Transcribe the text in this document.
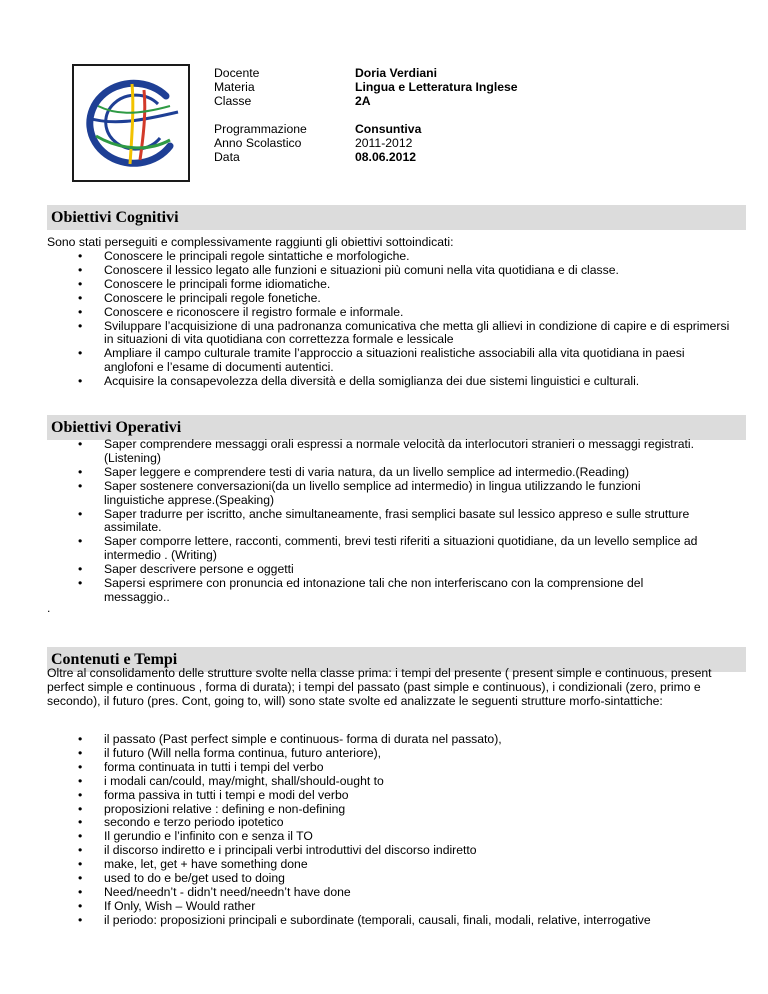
Docente	Doria Verdiani
Materia	Lingua e Letteratura Inglese
Classe	2A
Programmazione	Consuntiva
Anno Scolastico	2011-2012
Data	08.06.2012
Obiettivi Cognitivi
Sono stati perseguiti e complessivamente raggiunti gli obiettivi sottoindicati:
• Conoscere le principali regole sintattiche e morfologiche.
• Conoscere il lessico legato alle funzioni e situazioni più comuni nella vita quotidiana e di classe.
• Conoscere le principali forme idiomatiche.
• Conoscere le principali regole fonetiche.
• Conoscere e riconoscere il registro formale e informale.
• Sviluppare l’acquisizione di una padronanza comunicativa che metta gli allievi in condizione di capire e di esprimersi in situazioni di vita quotidiana con correttezza formale e lessicale
• Ampliare il campo culturale tramite l’approccio a situazioni realistiche associabili alla vita quotidiana in paesi anglofoni e l’esame di documenti autentici.
• Acquisire la consapevolezza della diversità e della somiglianza dei due sistemi linguistici e culturali.
Obiettivi Operativi
• Saper comprendere messaggi orali espressi a normale velocità da interlocutori stranieri o messaggi registrati.(Listening)
• Saper leggere e comprendere testi di varia natura, da un livello semplice ad intermedio.(Reading)
• Saper sostenere conversazioni(da un livello semplice ad intermedio) in lingua utilizzando le funzioni linguistiche apprese.(Speaking)
• Saper tradurre per iscritto, anche simultaneamente, frasi semplici basate sul lessico appreso e sulle strutture assimilate.
• Saper comporre lettere, racconti, commenti, brevi testi riferiti a situazioni quotidiane, da un levello semplice ad intermedio . (Writing)
• Saper descrivere persone e oggetti
• Sapersi esprimere con pronuncia ed intonazione tali che non interferiscano con la comprensione del messaggio..
.
Contenuti e Tempi
Oltre al consolidamento delle strutture svolte nella classe prima: i tempi del presente ( present simple e continuous, present perfect simple e continuous , forma di durata); i tempi del passato (past simple e continuous), i condizionali (zero, primo e secondo), il futuro (pres. Cont, going to, will) sono state svolte ed analizzate le seguenti strutture morfo-sintattiche:
• il passato (Past perfect simple e continuous- forma di durata nel passato),
• il futuro (Will nella forma continua, futuro anteriore),
• forma continuata in tutti i tempi del verbo
• i modali can/could, may/might, shall/should-ought to
• forma passiva in tutti i tempi e modi del verbo
• proposizioni relative : defining e non-defining
• secondo e terzo periodo ipotetico
• Il gerundio e l’infinito con e senza il TO
• il discorso indiretto e i principali verbi introduttivi del discorso indiretto
• make, let, get + have something done
• used to do e be/get used to doing
• Need/needn’t - didn’t need/needn’t have done
• If Only, Wish – Would rather
• il periodo: proposizioni principali e subordinate (temporali, causali, finali, modali, relative, interrogative
